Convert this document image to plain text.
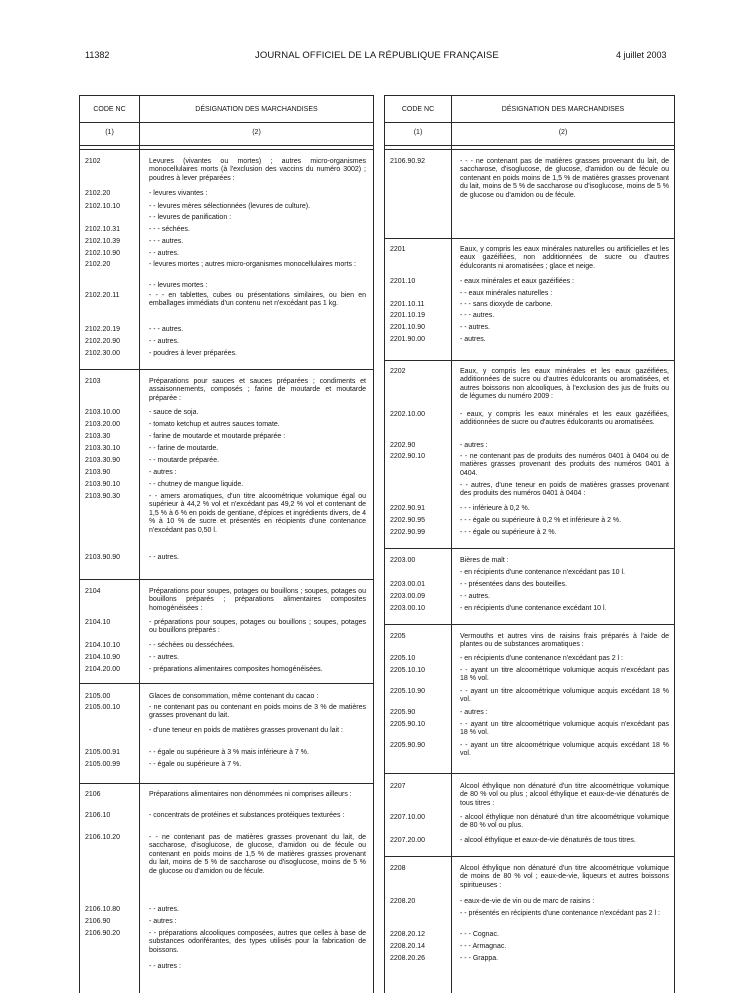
11382	JOURNAL OFFICIEL DE LA RÉPUBLIQUE FRANÇAISE	4 juillet 2003
CODE NC	DÉSIGNATION DES MARCHANDISES
(1)	(2)
2102	Levures (vivantes ou mortes) ; autres micro-organismes monocellulaires morts (à l'exclusion des vaccins du numéro 3002) ; poudres à lever préparées :
2102.20	- levures vivantes :
2102.10.10	- - levures mères sélectionnées (levures de culture).
- - levures de panification :
2102.10.31	- - - séchées.
2102.10.39	- - - autres.
2102.10.90	- - autres.
2102.20	- levures mortes ; autres micro-organismes monocellulaires morts :
- - levures mortes :
2102.20.11	- - - en tablettes, cubes ou présentations similaires, ou bien en emballages immédiats d'un contenu net n'excédant pas 1 kg.
2102.20.19	- - - autres.
2102.20.90	- - autres.
2102.30.00	- poudres à lever préparées.
2103	Préparations pour sauces et sauces préparées ; condiments et assaisonnements, composés ; farine de moutarde et moutarde préparée :
2103.10.00	- sauce de soja.
2103.20.00	- tomato ketchup et autres sauces tomate.
2103.30	- farine de moutarde et moutarde préparée :
2103.30.10	- - farine de moutarde.
2103.30.90	- - moutarde préparée.
2103.90	- autres :
2103.90.10	- - chutney de mangue liquide.
2103.90.30	- - amers aromatiques, d'un titre alcoométrique volumique égal ou supérieur à 44,2 % vol et n'excédant pas 49,2 % vol et contenant de 1,5 % à 6 % en poids de gentiane, d'épices et ingrédients divers, de 4 % à 10 % de sucre et présentés en récipients d'une contenance n'excédant pas 0,50 l.
2103.90.90	- - autres.
2104	Préparations pour soupes, potages ou bouillons ; soupes, potages ou bouillons préparés ; préparations alimentaires composites homogénéisées :
2104.10	- préparations pour soupes, potages ou bouillons ; soupes, potages ou bouillons préparés :
2104.10.10	- - séchées ou desséchées.
2104.10.90	- - autres.
2104.20.00	- préparations alimentaires composites homogénéisées.
2105.00	Glaces de consommation, même contenant du cacao :
2105.00.10	- ne contenant pas ou contenant en poids moins de 3 % de matières grasses provenant du lait.
- d'une teneur en poids de matières grasses provenant du lait :
2105.00.91	- - égale ou supérieure à 3 % mais inférieure à 7 %.
2105.00.99	- - égale ou supérieure à 7 %.
2106	Préparations alimentaires non dénommées ni comprises ailleurs :
2106.10	- concentrats de protéines et substances protéiques texturées :
2106.10.20	- - ne contenant pas de matières grasses provenant du lait, de saccharose, d'isoglucose, de glucose, d'amidon ou de fécule ou contenant en poids moins de 1,5 % de matières grasses provenant du lait, moins de 5 % de saccharose ou d'isoglucose, moins de 5 % de glucose ou d'amidon ou de fécule.
2106.10.80	- - autres.
2106.90	- autres :
2106.90.20	- - préparations alcooliques composées, autres que celles à base de substances odoriférantes, des types utilisés pour la fabrication de boissons.
- - autres :
CODE NC	DÉSIGNATION DES MARCHANDISES
(1)	(2)
2106.90.92	- - - ne contenant pas de matières grasses provenant du lait, de saccharose, d'isoglucose, de glucose, d'amidon ou de fécule ou contenant en poids moins de 1,5 % de matières grasses provenant du lait, moins de 5 % de saccharose ou d'isoglucose, moins de 5 % de glucose ou d'amidon ou de fécule.
2201	Eaux, y compris les eaux minérales naturelles ou artificielles et les eaux gazéifiées, non additionnées de sucre ou d'autres édulcorants ni aromatisées ; glace et neige.
2201.10	- eaux minérales et eaux gazéifiées :
- - eaux minérales naturelles :
2201.10.11	- - - sans dioxyde de carbone.
2201.10.19	- - - autres.
2201.10.90	- - autres.
2201.90.00	- autres.
2202	Eaux, y compris les eaux minérales et les eaux gazéifiées, additionnées de sucre ou d'autres édulcorants ou aromatisées, et autres boissons non alcooliques, à l'exclusion des jus de fruits ou de légumes du numéro 2009 :
2202.10.00	- eaux, y compris les eaux minérales et les eaux gazéifiées, additionnées de sucre ou d'autres édulcorants ou aromatisées.
2202.90	- autres :
2202.90.10	- - ne contenant pas de produits des numéros 0401 à 0404 ou de matières grasses provenant des produits des numéros 0401 à 0404.
- - autres, d'une teneur en poids de matières grasses provenant des produits des numéros 0401 à 0404 :
2202.90.91	- - - inférieure à 0,2 %.
2202.90.95	- - - égale ou supérieure à 0,2 % et inférieure à 2 %.
2202.90.99	- - - égale ou supérieure à 2 %.
2203.00	Bières de malt :
- en récipients d'une contenance n'excédant pas 10 l.
2203.00.01	- - présentées dans des bouteilles.
2203.00.09	- - autres.
2203.00.10	- en récipients d'une contenance excédant 10 l.
2205	Vermouths et autres vins de raisins frais préparés à l'aide de plantes ou de substances aromatiques :
2205.10	- en récipients d'une contenance n'excédant pas 2 l :
2205.10.10	- - ayant un titre alcoométrique volumique acquis n'excédant pas 18 % vol.
2205.10.90	- - ayant un titre alcoométrique volumique acquis excédant 18 % vol.
2205.90	- autres :
2205.90.10	- - ayant un titre alcoométrique volumique acquis n'excédant pas 18 % vol.
2205.90.90	- - ayant un titre alcoométrique volumique acquis excédant 18 % vol.
2207	Alcool éthylique non dénaturé d'un titre alcoométrique volumique de 80 % vol ou plus ; alcool éthylique et eaux-de-vie dénaturés de tous titres :
2207.10.00	- alcool éthylique non dénaturé d'un titre alcoométrique volumique de 80 % vol ou plus.
2207.20.00	- alcool éthylique et eaux-de-vie dénaturés de tous titres.
2208	Alcool éthylique non dénaturé d'un titre alcoométrique volumique de moins de 80 % vol ; eaux-de-vie, liqueurs et autres boissons spiritueuses :
2208.20	- eaux-de-vie de vin ou de marc de raisins :
- - présentés en récipients d'une contenance n'excédant pas 2 l :
2208.20.12	- - - Cognac.
2208.20.14	- - - Armagnac.
2208.20.26	- - - Grappa.
